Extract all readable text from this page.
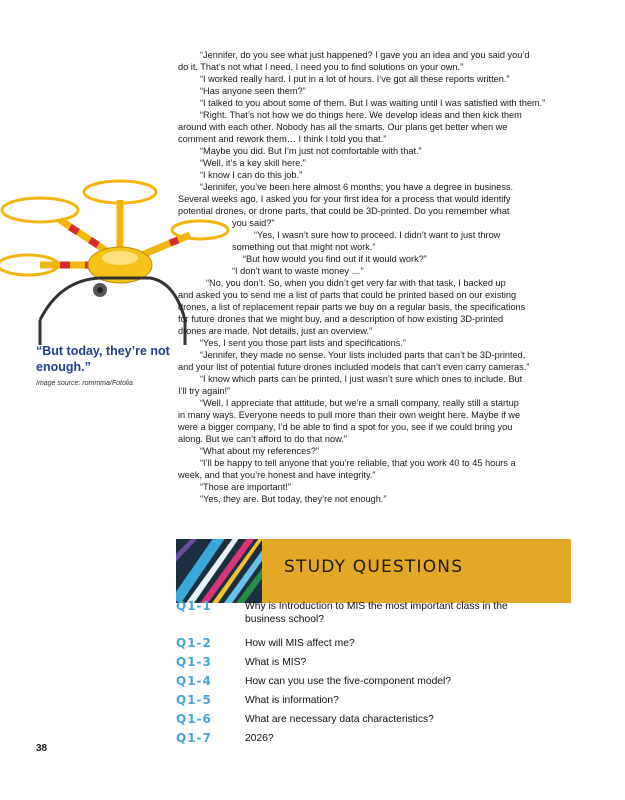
“But today, they’re not enough.”
Image source: rommma/Fotolia
“Jennifer, do you see what just happened? I gave you an idea and you said you’d
do it. That’s not what I need. I need you to find solutions on your own.”
“I worked really hard. I put in a lot of hours. I’ve got all these reports written.”
“Has anyone seen them?”
“I talked to you about some of them. But I was waiting until I was satisfied with them.”
“Right. That’s not how we do things here. We develop ideas and then kick them
around with each other. Nobody has all the smarts. Our plans get better when we
comment and rework them… I think I told you that.”
“Maybe you did. But I’m just not comfortable with that.”
“Well, it’s a key skill here.”
“I know I can do this job.”
“Jennifer, you’ve been here almost 6 months; you have a degree in business.
Several weeks ago, I asked you for your first idea for a process that would identify
potential drones, or drone parts, that could be 3D-printed. Do you remember what
you said?”
“Yes, I wasn’t sure how to proceed. I didn’t want to just throw
something out that might not work.”
“But how would you find out if it would work?”
“I don’t want to waste money …”
“No, you don’t. So, when you didn’t get very far with that task, I backed up
and asked you to send me a list of parts that could be printed based on our existing
drones, a list of replacement repair parts we buy on a regular basis, the specifications
for future drones that we might buy, and a description of how existing 3D-printed
drones are made. Not details, just an overview.”
“Yes, I sent you those part lists and specifications.”
“Jennifer, they made no sense. Your lists included parts that can’t be 3D-printed,
and your list of potential future drones included models that can’t even carry cameras.”
“I know which parts can be printed, I just wasn’t sure which ones to include. But
I’ll try again!”
“Well, I appreciate that attitude, but we’re a small company, really still a startup
in many ways. Everyone needs to pull more than their own weight here. Maybe if we
were a bigger company, I’d be able to find a spot for you, see if we could bring you
along. But we can’t afford to do that now.”
“What about my references?”
“I’ll be happy to tell anyone that you’re reliable, that you work 40 to 45 hours a
week, and that you’re honest and have integrity.”
“Those are important!”
“Yes, they are. But today, they’re not enough.”
STUDY QUESTIONS
Q1-1	Why is Introduction to MIS the most important class in the business school?
Q1-2	How will MIS affect me?
Q1-3	What is MIS?
Q1-4	How can you use the five-component model?
Q1-5	What is information?
Q1-6	What are necessary data characteristics?
Q1-7	2026?
38
